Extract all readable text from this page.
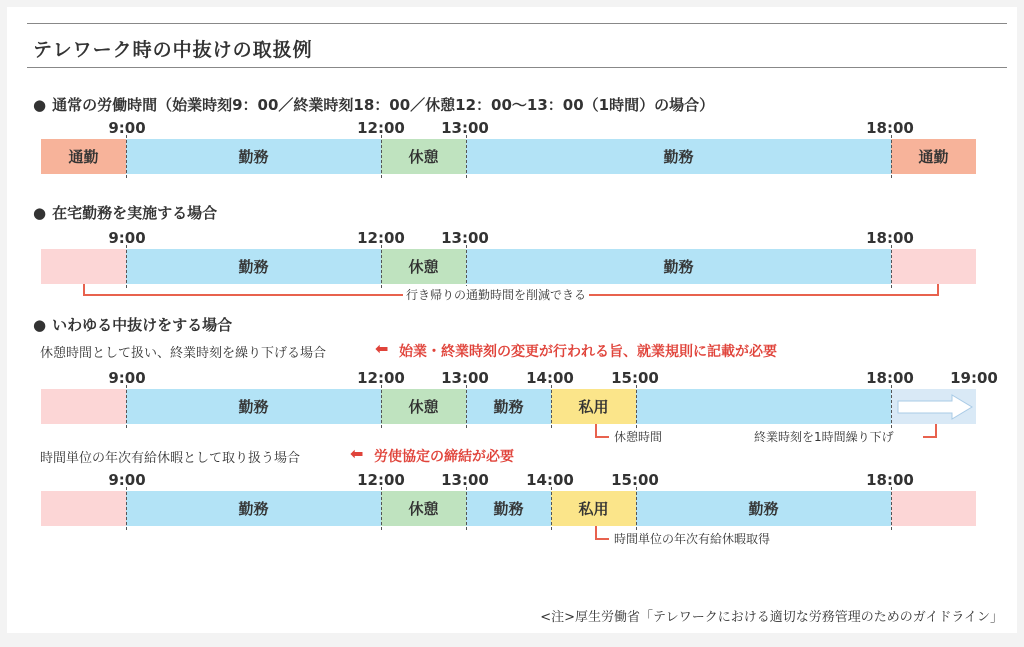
テレワーク時の中抜けの取扱例
● 通常の労働時間（始業時刻9：00／終業時刻18：00／休憩12：00〜13：00（1時間）の場合）
9:00	12:00	13:00	18:00
通勤	勤務	休憩	勤務	通勤
● 在宅勤務を実施する場合
9:00	12:00	13:00	18:00
勤務	休憩	勤務
行き帰りの通勤時間を削減できる
● いわゆる中抜けをする場合
休憩時間として扱い、終業時刻を繰り下げる場合	⬅ 始業・終業時刻の変更が行われる旨、就業規則に記載が必要
9:00	12:00	13:00	14:00	15:00	18:00	19:00
勤務	休憩	勤務	私用
休憩時間	終業時刻を1時間繰り下げ
時間単位の年次有給休暇として取り扱う場合	⬅ 労使協定の締結が必要
9:00	12:00	13:00	14:00	15:00	18:00
勤務	休憩	勤務	私用	勤務
時間単位の年次有給休暇取得
<注>厚生労働省「テレワークにおける適切な労務管理のためのガイドライン」
